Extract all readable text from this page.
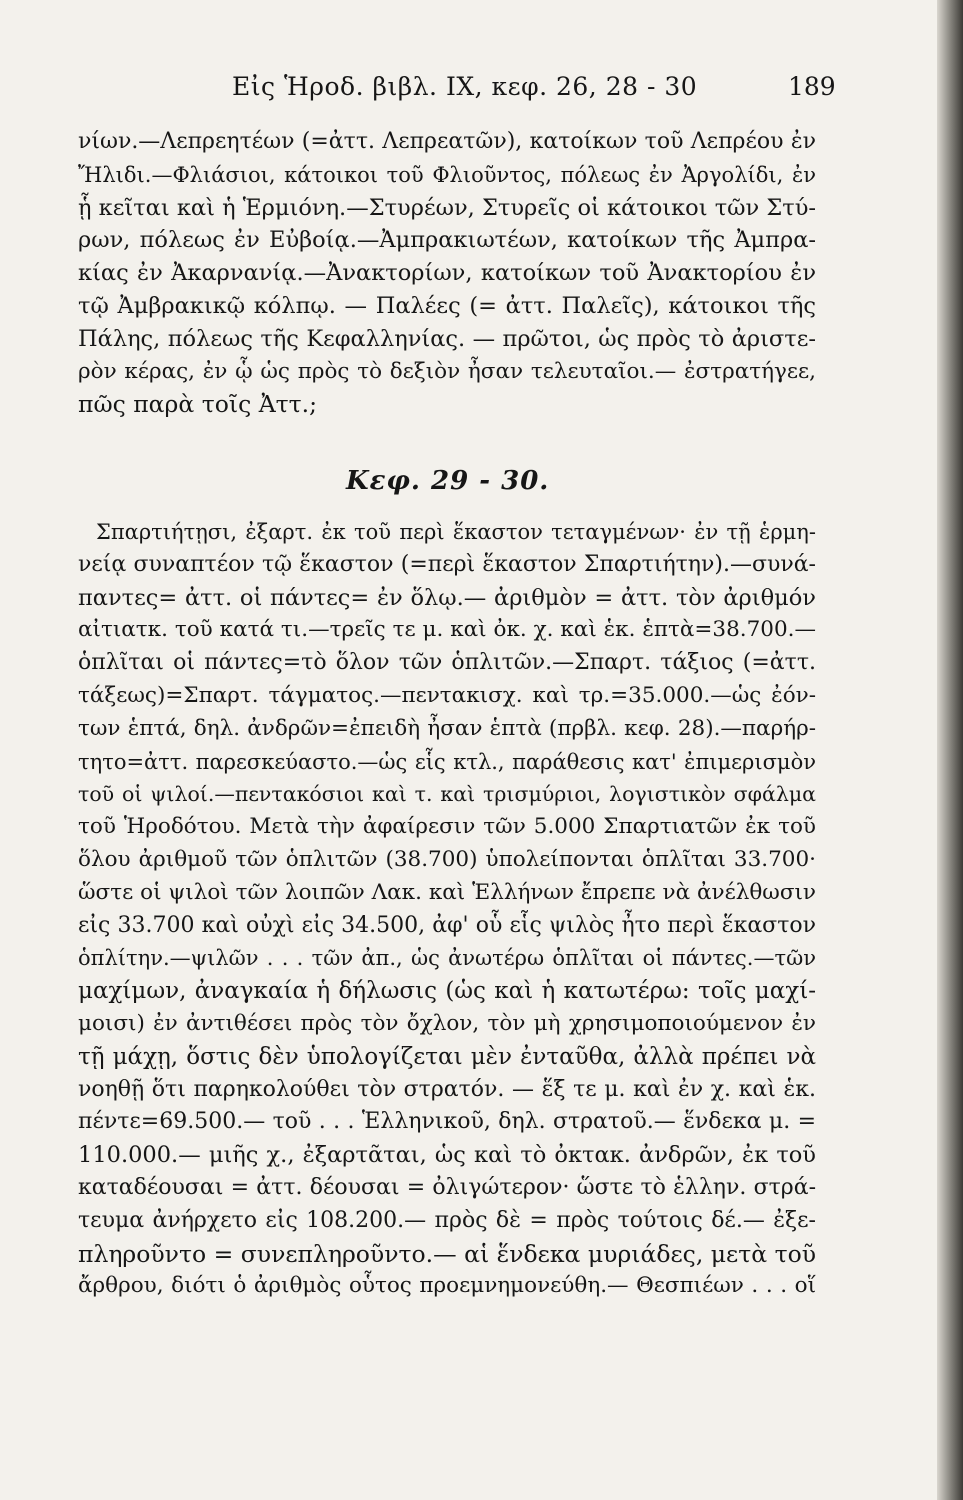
Εἰς Ἡροδ. βιβλ. IX, κεφ. 26, 28 - 30	189
νίων.—Λεπρεητέων (=ἀττ. Λεπρεατῶν), κατοίκων τοῦ Λεπρέου ἐν
Ἤλιδι.—Φλιάσιοι, κάτοικοι τοῦ Φλιοῦντος, πόλεως ἐν Ἀργολίδι, ἐν
ᾗ κεῖται καὶ ἡ Ἑρμιόνη.—Στυρέων, Στυρεῖς οἱ κάτοικοι τῶν Στύ-
ρων, πόλεως ἐν Εὐβοίᾳ.—Ἀμπρακιωτέων, κατοίκων τῆς Ἀμπρα-
κίας ἐν Ἀκαρνανίᾳ.—Ἀνακτορίων, κατοίκων τοῦ Ἀνακτορίου ἐν
τῷ Ἀμβρακικῷ κόλπῳ. — Παλέες (= ἀττ. Παλεῖς), κάτοικοι τῆς
Πάλης, πόλεως τῆς Κεφαλληνίας. — πρῶτοι, ὡς πρὸς τὸ ἀριστε-
ρὸν κέρας, ἐν ᾧ ὡς πρὸς τὸ δεξιὸν ἦσαν τελευταῖοι.— ἐστρατήγεε,
πῶς παρὰ τοῖς Ἀττ.;
Κεφ. 29 - 30.
Σπαρτιήτῃσι, ἐξαρτ. ἐκ τοῦ περὶ ἕκαστον τεταγμένων· ἐν τῇ ἑρμη-
νείᾳ συναπτέον τῷ ἕκαστον (=περὶ ἕκαστον Σπαρτιήτην).—συνά-
παντες= ἀττ. οἱ πάντες= ἐν ὅλῳ.— ἀριθμὸν = ἀττ. τὸν ἀριθμόν
αἰτιατκ. τοῦ κατά τι.—τρεῖς τε μ. καὶ ὀκ. χ. καὶ ἑκ. ἑπτὰ=38.700.—
ὁπλῖται οἱ πάντες=τὸ ὅλον τῶν ὁπλιτῶν.—Σπαρτ. τάξιος (=ἀττ.
τάξεως)=Σπαρτ. τάγματος.—πεντακισχ. καὶ τρ.=35.000.—ὡς ἐόν-
των ἑπτά, δηλ. ἀνδρῶν=ἐπειδὴ ἦσαν ἑπτὰ (πρβλ. κεφ. 28).—παρήρ-
τητο=ἀττ. παρεσκεύαστο.—ὡς εἷς κτλ., παράθεσις κατ' ἐπιμερισμὸν
τοῦ οἱ ψιλοί.—πεντακόσιοι καὶ τ. καὶ τρισμύριοι, λογιστικὸν σφάλμα
τοῦ Ἡροδότου. Μετὰ τὴν ἀφαίρεσιν τῶν 5.000 Σπαρτιατῶν ἐκ τοῦ
ὅλου ἀριθμοῦ τῶν ὁπλιτῶν (38.700) ὑπολείπονται ὁπλῖται 33.700·
ὥστε οἱ ψιλοὶ τῶν λοιπῶν Λακ. καὶ Ἑλλήνων ἔπρεπε νὰ ἀνέλθωσιν
εἰς 33.700 καὶ οὐχὶ εἰς 34.500, ἀφ' οὗ εἷς ψιλὸς ἦτο περὶ ἕκαστον
ὁπλίτην.—ψιλῶν . . . τῶν ἀπ., ὡς ἀνωτέρω ὁπλῖται οἱ πάντες.—τῶν
μαχίμων, ἀναγκαία ἡ δήλωσις (ὡς καὶ ἡ κατωτέρω: τοῖς μαχί-
μοισι) ἐν ἀντιθέσει πρὸς τὸν ὄχλον, τὸν μὴ χρησιμοποιούμενον ἐν
τῇ μάχῃ, ὅστις δὲν ὑπολογίζεται μὲν ἐνταῦθα, ἀλλὰ πρέπει νὰ
νοηθῇ ὅτι παρηκολούθει τὸν στρατόν. — ἕξ τε μ. καὶ ἐν χ. καὶ ἑκ.
πέντε=69.500.— τοῦ . . . Ἑλληνικοῦ, δηλ. στρατοῦ.— ἕνδεκα μ. =
110.000.— μιῆς χ., ἐξαρτᾶται, ὡς καὶ τὸ ὀκτακ. ἀνδρῶν, ἐκ τοῦ
καταδέουσαι = ἀττ. δέουσαι = ὀλιγώτερον· ὥστε τὸ ἑλλην. στρά-
τευμα ἀνήρχετο εἰς 108.200.— πρὸς δὲ = πρὸς τούτοις δέ.— ἐξε-
πληροῦντο = συνεπληροῦντο.— αἱ ἕνδεκα μυριάδες, μετὰ τοῦ
ἄρθρου, διότι ὁ ἀριθμὸς οὗτος προεμνημονεύθη.— Θεσπιέων . . . οἵ
